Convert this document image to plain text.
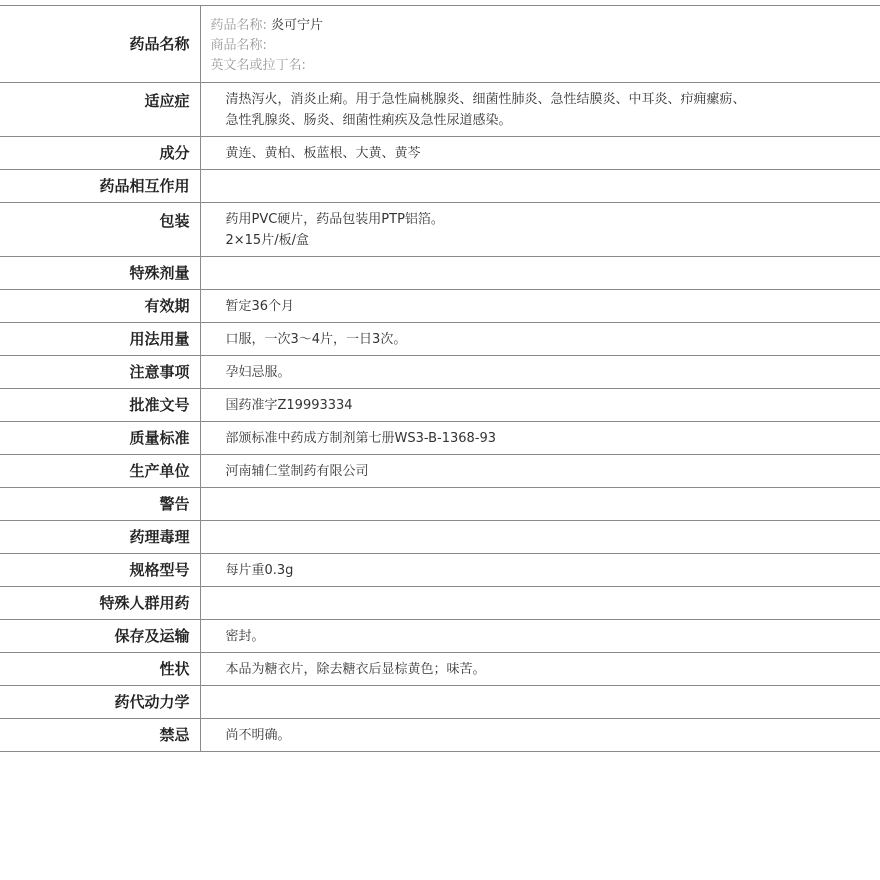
药品名称	药品名称: 炎可宁片
商品名称:
英文名或拉丁名:

适应症	清热泻火，消炎止痢。用于急性扁桃腺炎、细菌性肺炎、急性结膜炎、中耳炎、疖痈瘰疬、
急性乳腺炎、肠炎、细菌性痢疾及急性尿道感染。

成分	黄连、黄柏、板蓝根、大黄、黄芩

药品相互作用	

包装	药用PVC硬片，药品包装用PTP铝箔。
2×15片/板/盒

特殊剂量	

有效期	暂定36个月

用法用量	口服，一次3～4片，一日3次。

注意事项	孕妇忌服。

批准文号	国药准字Z19993334

质量标准	部颁标准中药成方制剂第七册WS3-B-1368-93

生产单位	河南辅仁堂制药有限公司

警告	

药理毒理	

规格型号	每片重0.3g

特殊人群用药	

保存及运输	密封。

性状	本品为糖衣片，除去糖衣后显棕黄色；味苦。

药代动力学	

禁忌	尚不明确。
